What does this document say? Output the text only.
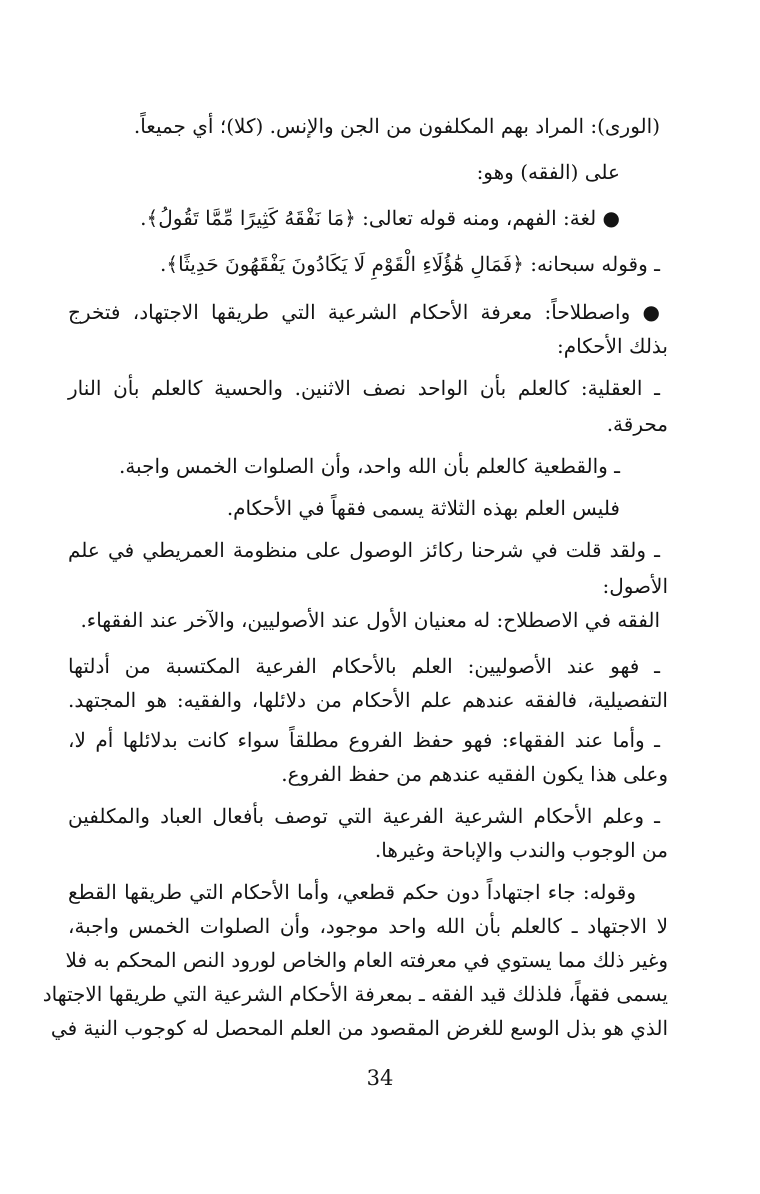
(الورى): المراد بهم المكلفون من الجن والإنس. (كلا)؛ أي جميعاً.
على (الفقه) وهو:
● لغة: الفهم، ومنه قوله تعالى: ﴿مَا نَفْقَهُ كَثِيرًا مِّمَّا تَقُولُ﴾.
ـ وقوله سبحانه: ﴿فَمَالِ هَٰؤُلَاءِ الْقَوْمِ لَا يَكَادُونَ يَفْقَهُونَ حَدِيثًا﴾.
● واصطلاحاً: معرفة الأحكام الشرعية التي طريقها الاجتهاد، فتخرج
بذلك الأحكام:
ـ العقلية: كالعلم بأن الواحد نصف الاثنين. والحسية كالعلم بأن النار
محرقة.
ـ والقطعية كالعلم بأن الله واحد، وأن الصلوات الخمس واجبة.
فليس العلم بهذه الثلاثة يسمى فقهاً في الأحكام.
ـ ولقد قلت في شرحنا ركائز الوصول على منظومة العمريطي في علم
الأصول:
الفقه في الاصطلاح: له معنيان الأول عند الأصوليين، والآخر عند الفقهاء.
ـ فهو عند الأصوليين: العلم بالأحكام الفرعية المكتسبة من أدلتها
التفصيلية، فالفقه عندهم علم الأحكام من دلائلها، والفقيه: هو المجتهد.
ـ وأما عند الفقهاء: فهو حفظ الفروع مطلقاً سواء كانت بدلائلها أم لا،
وعلى هذا يكون الفقيه عندهم من حفظ الفروع.
ـ وعلم الأحكام الشرعية الفرعية التي توصف بأفعال العباد والمكلفين
من الوجوب والندب والإباحة وغيرها.
وقوله: جاء اجتهاداً دون حكم قطعي، وأما الأحكام التي طريقها القطع
لا الاجتهاد ـ كالعلم بأن الله واحد موجود، وأن الصلوات الخمس واجبة،
وغير ذلك مما يستوي في معرفته العام والخاص لورود النص المحكم به فلا
يسمى فقهاً، فلذلك قيد الفقه ـ بمعرفة الأحكام الشرعية التي طريقها الاجتهاد
الذي هو بذل الوسع للغرض المقصود من العلم المحصل له كوجوب النية في
34
